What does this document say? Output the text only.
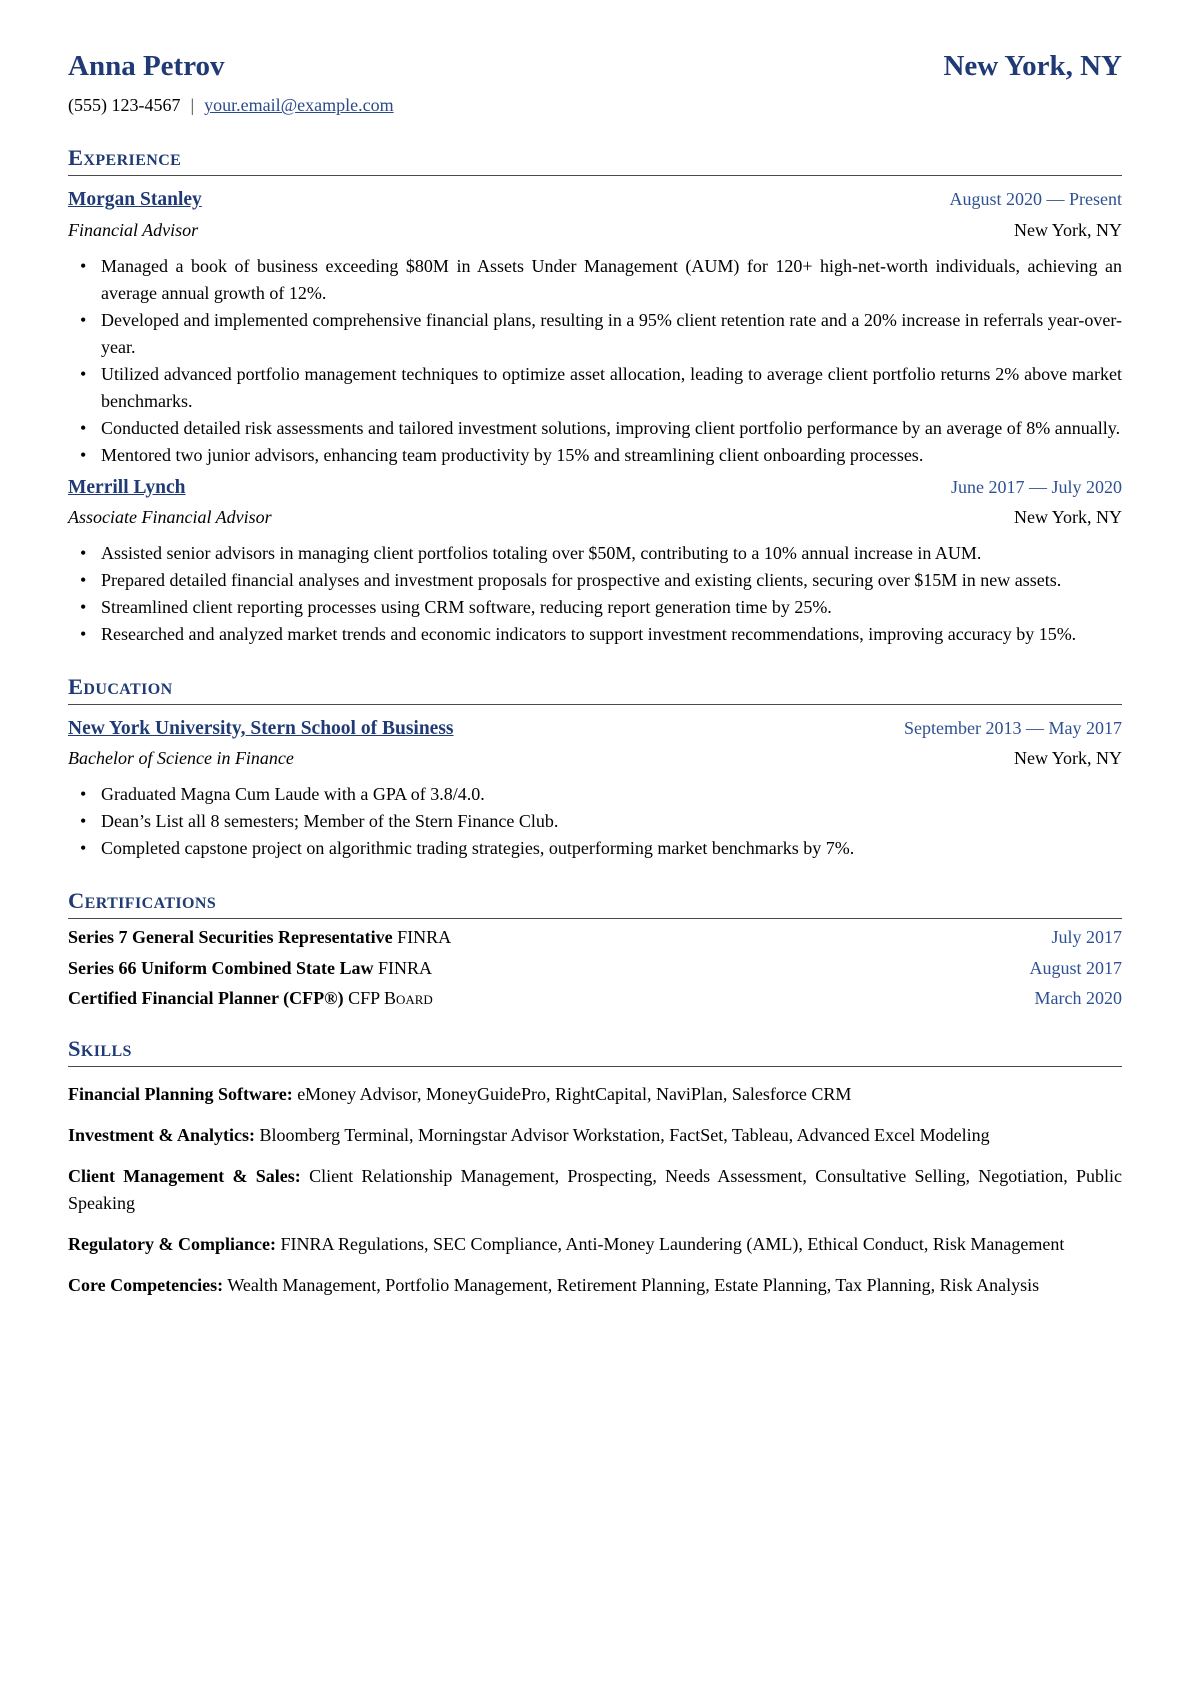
Anna Petrov	New York, NY
(555) 123-4567 | your.email@example.com
Experience
Morgan Stanley	August 2020 — Present
Financial Advisor	New York, NY
• Managed a book of business exceeding $80M in Assets Under Management (AUM) for 120+ high-net-worth individuals, achieving an average annual growth of 12%.
• Developed and implemented comprehensive financial plans, resulting in a 95% client retention rate and a 20% increase in referrals year-over-year.
• Utilized advanced portfolio management techniques to optimize asset allocation, leading to average client portfolio returns 2% above market benchmarks.
• Conducted detailed risk assessments and tailored investment solutions, improving client portfolio performance by an average of 8% annually.
• Mentored two junior advisors, enhancing team productivity by 15% and streamlining client onboarding processes.
Merrill Lynch	June 2017 — July 2020
Associate Financial Advisor	New York, NY
• Assisted senior advisors in managing client portfolios totaling over $50M, contributing to a 10% annual increase in AUM.
• Prepared detailed financial analyses and investment proposals for prospective and existing clients, securing over $15M in new assets.
• Streamlined client reporting processes using CRM software, reducing report generation time by 25%.
• Researched and analyzed market trends and economic indicators to support investment recommendations, improving accuracy by 15%.
Education
New York University, Stern School of Business	September 2013 — May 2017
Bachelor of Science in Finance	New York, NY
• Graduated Magna Cum Laude with a GPA of 3.8/4.0.
• Dean’s List all 8 semesters; Member of the Stern Finance Club.
• Completed capstone project on algorithmic trading strategies, outperforming market benchmarks by 7%.
Certifications
Series 7 General Securities Representative FINRA	July 2017
Series 66 Uniform Combined State Law FINRA	August 2017
Certified Financial Planner (CFP®) CFP Board	March 2020
Skills

Financial Planning Software: eMoney Advisor, MoneyGuidePro, RightCapital, NaviPlan, Salesforce CRM

Investment & Analytics: Bloomberg Terminal, Morningstar Advisor Workstation, FactSet, Tableau, Advanced Excel Modeling

Client Management & Sales: Client Relationship Management, Prospecting, Needs Assessment, Consultative Selling, Negotiation, Public Speaking

Regulatory & Compliance: FINRA Regulations, SEC Compliance, Anti-Money Laundering (AML), Ethical Conduct, Risk Management

Core Competencies: Wealth Management, Portfolio Management, Retirement Planning, Estate Planning, Tax Planning, Risk Analysis
